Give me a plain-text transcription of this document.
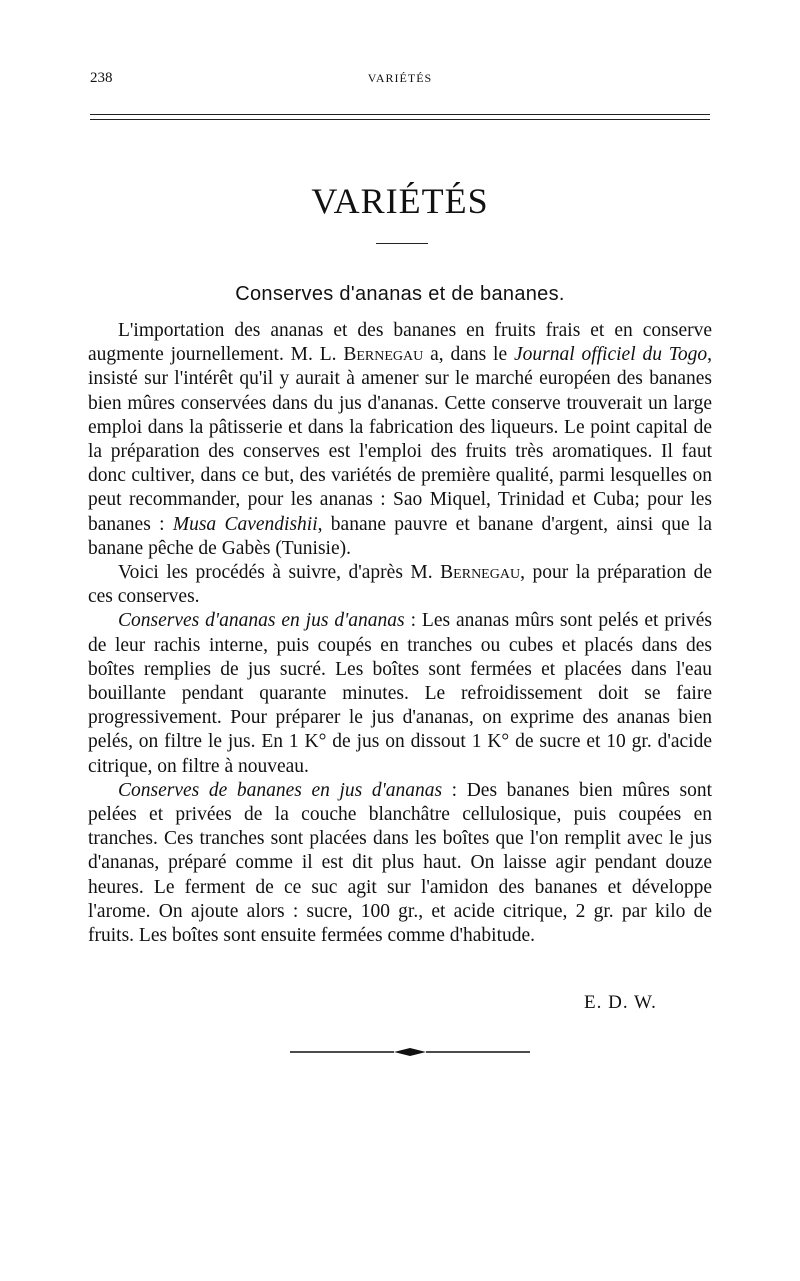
238	VARIÉTÉS
VARIÉTÉS
Conserves d'ananas et de bananes.

L'importation des ananas et des bananes en fruits frais et en conserve augmente journellement. M. L. Bernegau a, dans le Journal officiel du Togo, insisté sur l'intérêt qu'il y aurait à amener sur le marché européen des bananes bien mûres conservées dans du jus d'ananas. Cette conserve trouverait un large emploi dans la pâtisserie et dans la fabrication des liqueurs. Le point capital de la préparation des conserves est l'emploi des fruits très aromatiques. Il faut donc cultiver, dans ce but, des variétés de première qualité, parmi lesquelles on peut recommander, pour les ananas : Sao Miquel, Trinidad et Cuba; pour les bananes : Musa Cavendishii, banane pauvre et banane d'argent, ainsi que la banane pêche de Gabès (Tunisie).

Voici les procédés à suivre, d'après M. Bernegau, pour la préparation de ces conserves.

Conserves d'ananas en jus d'ananas : Les ananas mûrs sont pelés et privés de leur rachis interne, puis coupés en tranches ou cubes et placés dans des boîtes remplies de jus sucré. Les boîtes sont fermées et placées dans l'eau bouillante pendant quarante minutes. Le refroidissement doit se faire progressivement. Pour préparer le jus d'ananas, on exprime des ananas bien pelés, on filtre le jus. En 1 K° de jus on dissout 1 K° de sucre et 10 gr. d'acide citrique, on filtre à nouveau.

Conserves de bananes en jus d'ananas : Des bananes bien mûres sont pelées et privées de la couche blanchâtre cellulosique, puis coupées en tranches. Ces tranches sont placées dans les boîtes que l'on remplit avec le jus d'ananas, préparé comme il est dit plus haut. On laisse agir pendant douze heures. Le ferment de ce suc agit sur l'amidon des bananes et développe l'arome. On ajoute alors : sucre, 100 gr., et acide citrique, 2 gr. par kilo de fruits. Les boîtes sont ensuite fermées comme d'habitude.

E. D. W.
